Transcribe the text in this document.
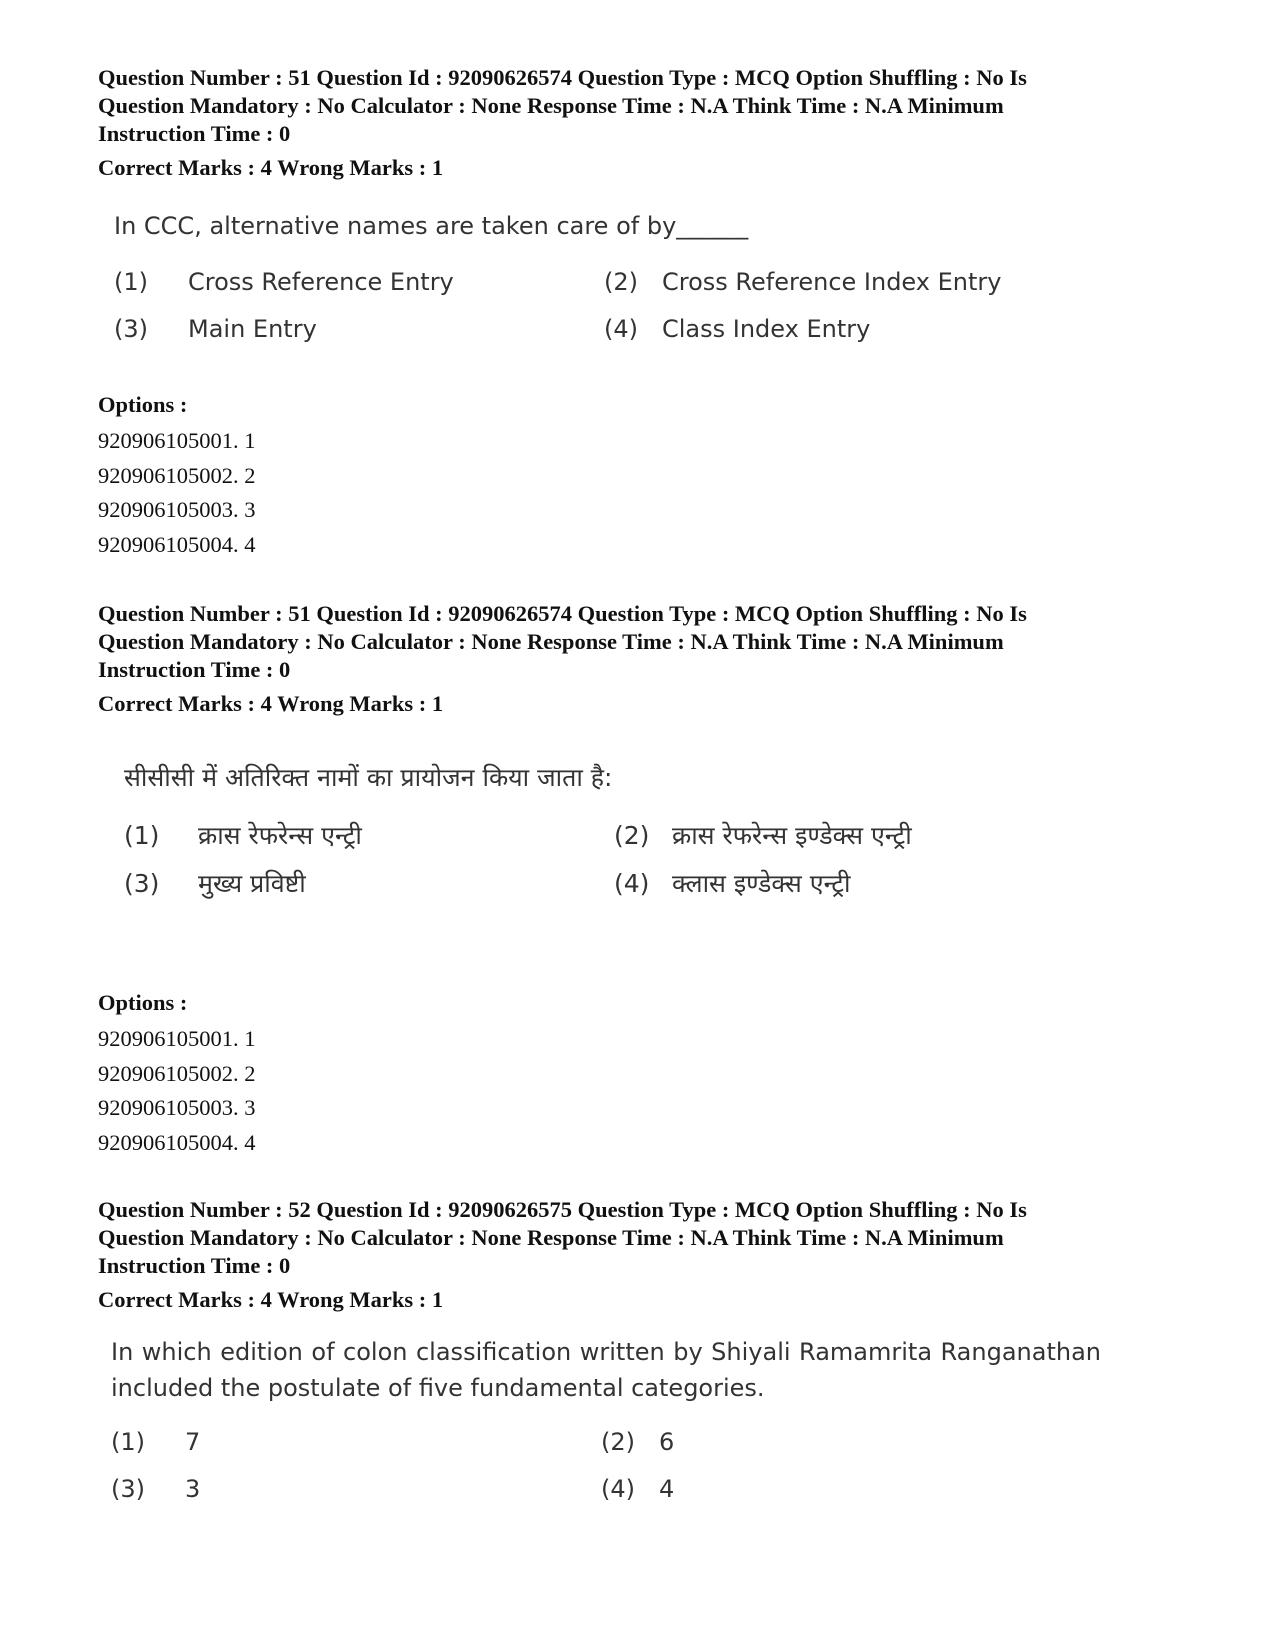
Question Number : 51 Question Id : 92090626574 Question Type : MCQ Option Shuffling : No Is
Question Mandatory : No Calculator : None Response Time : N.A Think Time : N.A Minimum
Instruction Time : 0

Correct Marks : 4 Wrong Marks : 1

In CCC, alternative names are taken care of by______

(1)	Cross Reference Entry	(2)	Cross Reference Index Entry
(3)	Main Entry	(4)	Class Index Entry

Options :

920906105001. 1
920906105002. 2
920906105003. 3
920906105004. 4

Question Number : 51 Question Id : 92090626574 Question Type : MCQ Option Shuffling : No Is
Question Mandatory : No Calculator : None Response Time : N.A Think Time : N.A Minimum
Instruction Time : 0

Correct Marks : 4 Wrong Marks : 1

सीसीसी में अतिरिक्त नामों का प्रायोजन किया जाता है:

(1)	क्रास रेफरेन्स एन्ट्री	(2) क्रास रेफरेन्स इण्डेक्स एन्ट्री
(3)	मुख्य प्रविष्टी	(4) क्लास इण्डेक्स एन्ट्री

Options :

920906105001. 1
920906105002. 2
920906105003. 3
920906105004. 4

Question Number : 52 Question Id : 92090626575 Question Type : MCQ Option Shuffling : No Is
Question Mandatory : No Calculator : None Response Time : N.A Think Time : N.A Minimum
Instruction Time : 0

Correct Marks : 4 Wrong Marks : 1

In which edition of colon classification written by Shiyali Ramamrita Ranganathan included the postulate of five fundamental categories.

(1)	7	(2)	6
(3)	3	(4)	4
